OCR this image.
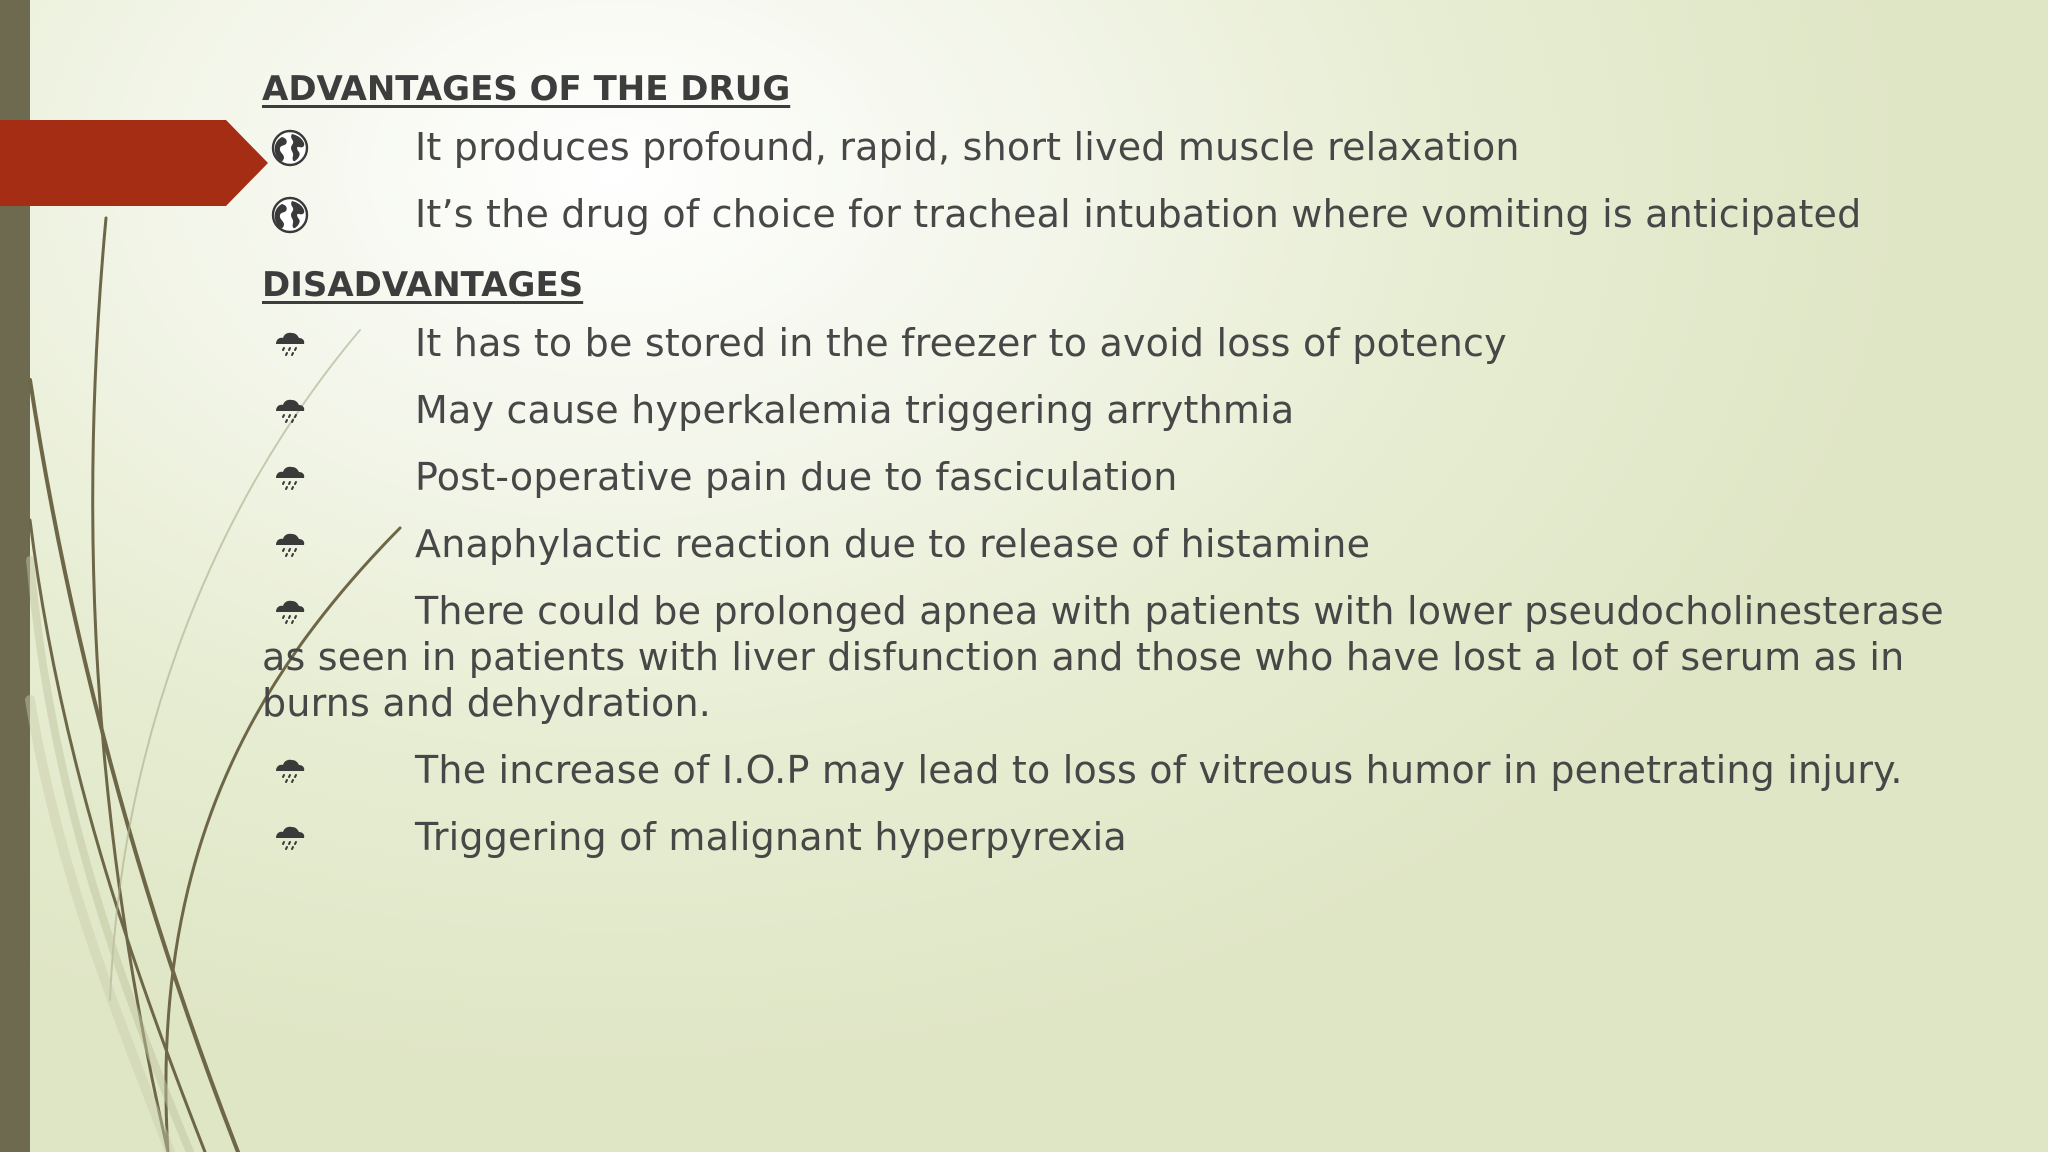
ADVANTAGES OF THE DRUG
It produces profound, rapid, short lived muscle relaxation
It’s the drug of choice for tracheal intubation where vomiting is anticipated
DISADVANTAGES
It has to be stored in the freezer to avoid loss of potency
May cause hyperkalemia triggering arrythmia
Post-operative pain due to fasciculation
Anaphylactic reaction due to release of histamine
There could be prolonged apnea with patients with lower pseudocholinesterase as seen in patients with liver disfunction and those who have lost a lot of serum as in burns and dehydration.
The increase of I.O.P may lead to loss of vitreous humor in penetrating injury.
Triggering of malignant hyperpyrexia
